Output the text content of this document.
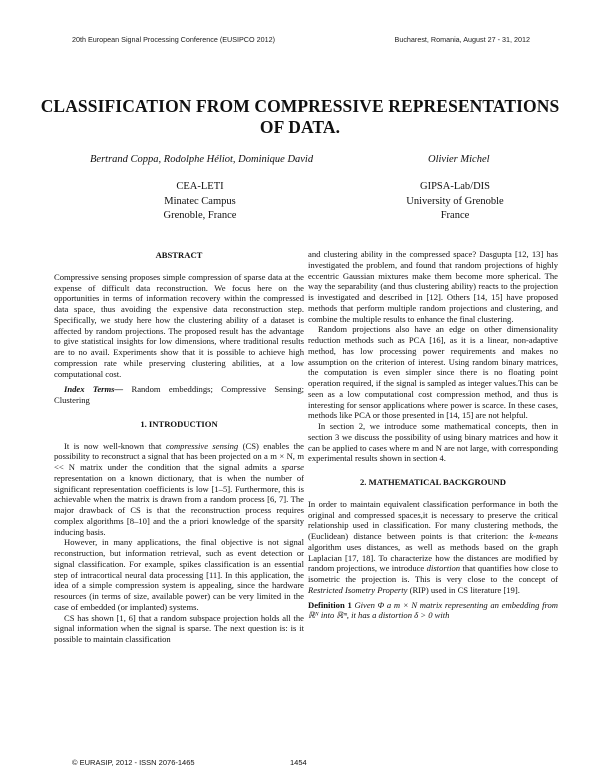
20th European Signal Processing Conference (EUSIPCO 2012)	Bucharest, Romania, August 27 - 31, 2012
CLASSIFICATION FROM COMPRESSIVE REPRESENTATIONS
OF DATA.
Bertrand Coppa, Rodolphe Héliot, Dominique David	Olivier Michel
CEA-LETI
Minatec Campus
Grenoble, France
GIPSA-Lab/DIS
University of Grenoble
France
ABSTRACT

Compressive sensing proposes simple compression of sparse data at the expense of difficult data reconstruction. We focus here on the opportunities in terms of information recovery within the compressed data space, thus avoiding the expensive data reconstruction step. Specifically, we study here how the clustering ability of a dataset is affected by random projections. The proposed result has the advantage to give statistical insights for low dimensions, where traditional results are to no avail. Experiments show that it is possible to achieve high compression rate while preserving clustering abilities, at a low computational cost.

Index Terms— Random embeddings; Compressive Sensing; Clustering

1. INTRODUCTION

It is now well-known that compressive sensing (CS) enables the possibility to reconstruct a signal that has been projected on a m × N, m << N matrix under the condition that the signal admits a sparse representation on a known dictionary, that is when the number of significant representation coefficients is low [1–5]. Furthermore, this is achievable when the matrix is drawn from a random process [6, 7]. The major drawback of CS is that the reconstruction process requires complex algorithms [8–10] and the a priori knowledge of the sparsity inducing basis.

However, in many applications, the final objective is not signal reconstruction, but information retrieval, such as event detection or signal classification. For example, spikes classification is an essential step of intracortical neural data processing [11]. In this application, the idea of a simple compression system is appealing, since the hardware resources (in terms of size, available power) can be very limited in the case of embedded (or implanted) systems.

CS has shown [1, 6] that a random subspace projection holds all the signal information when the signal is sparse. The next question is: is it possible to maintain classification

and clustering ability in the compressed space? Dasgupta [12, 13] has investigated the problem, and found that random projections of highly eccentric Gaussian mixtures make them become more spherical. The way the separability (and thus clustering ability) reacts to the projection is investigated and described in [12]. Others [14, 15] have proposed methods that perform multiple random projections and clustering, and combine the multiple results to enhance the final clustering.

Random projections also have an edge on other dimensionality reduction methods such as PCA [16], as it is a linear, non-adaptive method, has low processing power requirements and makes no assumption on the criterion of interest. Using random binary matrices, the computation is even simpler since there is no floating point operation required, if the signal is sampled as integer values.This can be seen as a low computational cost compression method, and thus is interesting for sensor applications where power is scarce. In these cases, methods like PCA or those presented in [14, 15] are not helpful.

In section 2, we introduce some mathematical concepts, then in section 3 we discuss the possibility of using binary matrices and how it can be applied to cases where m and N are not large, with corresponding experimental results shown in section 4.

2. MATHEMATICAL BACKGROUND

In order to maintain equivalent classification performance in both the original and compressed spaces,it is necessary to preserve the critical relationship used in classification. For many clustering methods, the (Euclidean) distance between points is that criterion: the k-means algorithm uses distances, as well as methods based on the graph Laplacian [17, 18]. To characterize how the distances are modified by random projections, we introduce distortion that quantifies how close to isometric the projection is. This is very close to the concept of Restricted Isometry Property (RIP) used in CS literature [19].

Definition 1 Given Φ a m × N matrix representing an embedding from ℝᴺ into ℝᵐ, it has a distortion δ > 0 with

© EURASIP, 2012 - ISSN 2076-1465	1454
